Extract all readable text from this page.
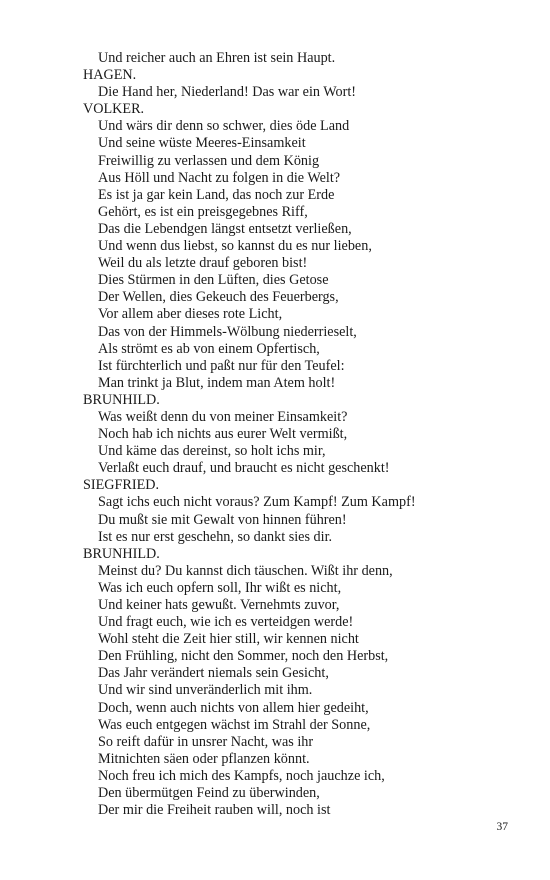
Und reicher auch an Ehren ist sein Haupt.
HAGEN.
Die Hand her, Niederland! Das war ein Wort!
VOLKER.
Und wärs dir denn so schwer, dies öde Land
Und seine wüste Meeres-Einsamkeit
Freiwillig zu verlassen und dem König
Aus Höll und Nacht zu folgen in die Welt?
Es ist ja gar kein Land, das noch zur Erde
Gehört, es ist ein preisgegebnes Riff,
Das die Lebendgen längst entsetzt verließen,
Und wenn dus liebst, so kannst du es nur lieben,
Weil du als letzte drauf geboren bist!
Dies Stürmen in den Lüften, dies Getose
Der Wellen, dies Gekeuch des Feuerbergs,
Vor allem aber dieses rote Licht,
Das von der Himmels-Wölbung niederrieselt,
Als strömt es ab von einem Opfertisch,
Ist fürchterlich und paßt nur für den Teufel:
Man trinkt ja Blut, indem man Atem holt!
BRUNHILD.
Was weißt denn du von meiner Einsamkeit?
Noch hab ich nichts aus eurer Welt vermißt,
Und käme das dereinst, so holt ichs mir,
Verlaßt euch drauf, und braucht es nicht geschenkt!
SIEGFRIED.
Sagt ichs euch nicht voraus? Zum Kampf! Zum Kampf!
Du mußt sie mit Gewalt von hinnen führen!
Ist es nur erst geschehn, so dankt sies dir.
BRUNHILD.
Meinst du? Du kannst dich täuschen. Wißt ihr denn,
Was ich euch opfern soll, Ihr wißt es nicht,
Und keiner hats gewußt. Vernehmts zuvor,
Und fragt euch, wie ich es verteidgen werde!
Wohl steht die Zeit hier still, wir kennen nicht
Den Frühling, nicht den Sommer, noch den Herbst,
Das Jahr verändert niemals sein Gesicht,
Und wir sind unveränderlich mit ihm.
Doch, wenn auch nichts von allem hier gedeiht,
Was euch entgegen wächst im Strahl der Sonne,
So reift dafür in unsrer Nacht, was ihr
Mitnichten säen oder pflanzen könnt.
Noch freu ich mich des Kampfs, noch jauchze ich,
Den übermütgen Feind zu überwinden,
Der mir die Freiheit rauben will, noch ist
37
